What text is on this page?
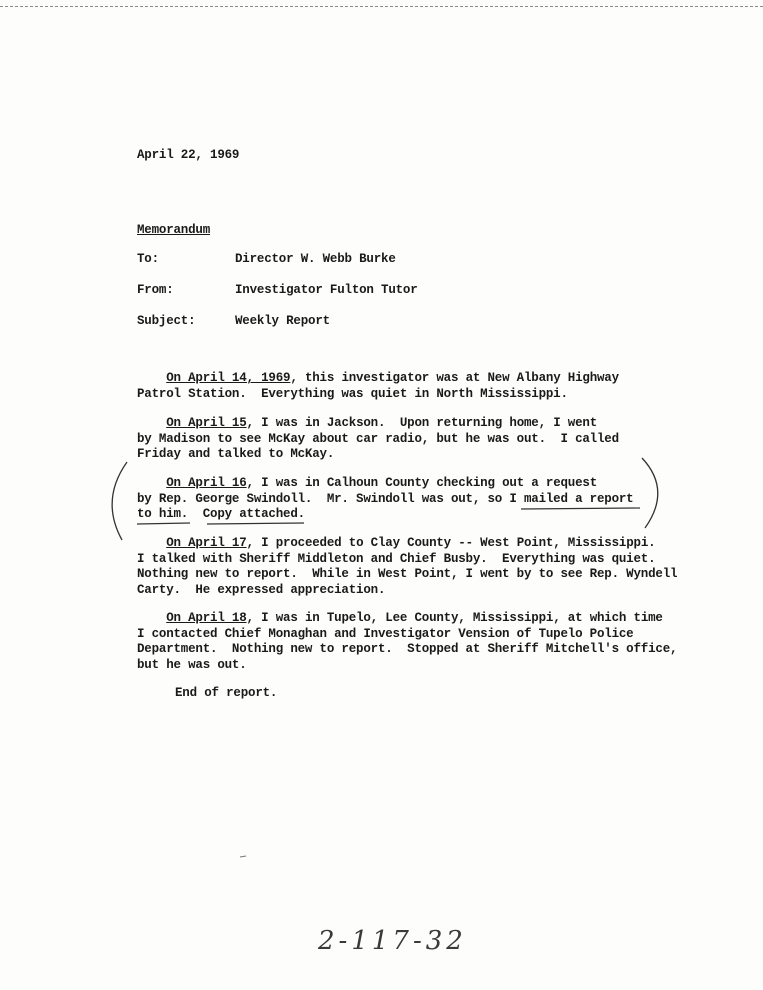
April 22, 1969
Memorandum
To:	Director W. Webb Burke
From:	Investigator Fulton Tutor
Subject:	Weekly Report
On April 14, 1969, this investigator was at New Albany Highway
Patrol Station.  Everything was quiet in North Mississippi.
On April 15, I was in Jackson.  Upon returning home, I went
by Madison to see McKay about car radio, but he was out.  I called
Friday and talked to McKay.
On April 16, I was in Calhoun County checking out a request
by Rep. George Swindoll.  Mr. Swindoll was out, so I mailed a report
to him.  Copy attached.
On April 17, I proceeded to Clay County -- West Point, Mississippi.
I talked with Sheriff Middleton and Chief Busby.  Everything was quiet.
Nothing new to report.  While in West Point, I went by to see Rep. Wyndell
Carty.  He expressed appreciation.
On April 18, I was in Tupelo, Lee County, Mississippi, at which time
I contacted Chief Monaghan and Investigator Vension of Tupelo Police
Department.  Nothing new to report.  Stopped at Sheriff Mitchell's office,
but he was out.
End of report.
2-117-32
